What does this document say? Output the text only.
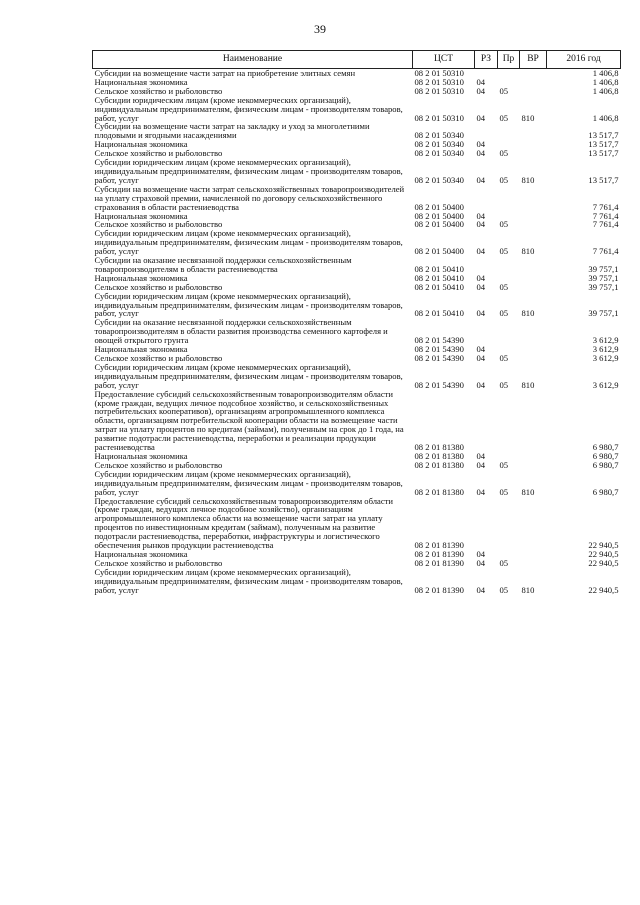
39
Наименование	ЦСТ	РЗ	Пр	ВР	2016 год
Субсидии на возмещение части затрат на приобретение элитных семян	08 2 01 50310				1 406,8
Национальная экономика	08 2 01 50310	04			1 406,8
Сельское хозяйство и рыболовство	08 2 01 50310	04	05		1 406,8
Субсидии юридическим лицам (кроме некоммерческих организаций), индивидуальным предпринимателям, физическим лицам - производителям товаров, работ, услуг	08 2 01 50310	04	05	810	1 406,8
Субсидии на возмещение части затрат на закладку и уход за многолетними плодовыми и ягодными насаждениями	08 2 01 50340				13 517,7
Национальная экономика	08 2 01 50340	04			13 517,7
Сельское хозяйство и рыболовство	08 2 01 50340	04	05		13 517,7
Субсидии юридическим лицам (кроме некоммерческих организаций), индивидуальным предпринимателям, физическим лицам - производителям товаров, работ, услуг	08 2 01 50340	04	05	810	13 517,7
Субсидии на возмещение части затрат сельскохозяйственных товаропроизводителей на уплату страховой премии, начисленной по договору сельскохозяйственного страхования в области растениеводства	08 2 01 50400				7 761,4
Национальная экономика	08 2 01 50400	04			7 761,4
Сельское хозяйство и рыболовство	08 2 01 50400	04	05		7 761,4
Субсидии юридическим лицам (кроме некоммерческих организаций), индивидуальным предпринимателям, физическим лицам - производителям товаров, работ, услуг	08 2 01 50400	04	05	810	7 761,4
Субсидии на оказание несвязанной поддержки сельскохозяйственным товаропроизводителям в области растениеводства	08 2 01 50410				39 757,1
Национальная экономика	08 2 01 50410	04			39 757,1
Сельское хозяйство и рыболовство	08 2 01 50410	04	05		39 757,1
Субсидии юридическим лицам (кроме некоммерческих организаций), индивидуальным предпринимателям, физическим лицам - производителям товаров, работ, услуг	08 2 01 50410	04	05	810	39 757,1
Субсидии на оказание несвязанной поддержки сельскохозяйственным товаропроизводителям в области развития производства семенного картофеля и овощей открытого грунта	08 2 01 54390				3 612,9
Национальная экономика	08 2 01 54390	04			3 612,9
Сельское хозяйство и рыболовство	08 2 01 54390	04	05		3 612,9
Субсидии юридическим лицам (кроме некоммерческих организаций), индивидуальным предпринимателям, физическим лицам - производителям товаров, работ, услуг	08 2 01 54390	04	05	810	3 612,9
Предоставление субсидий сельскохозяйственным товаропроизводителям области (кроме граждан, ведущих личное подсобное хозяйство, и сельскохозяйственных потребительских кооперативов), организациям агропромышленного комплекса области, организациям потребительской кооперации области на возмещение части затрат на уплату процентов по кредитам (займам), полученным на срок до 1 года, на развитие подотрасли растениеводства, переработки и реализации продукции растениеводства	08 2 01 81380				6 980,7
Национальная экономика	08 2 01 81380	04			6 980,7
Сельское хозяйство и рыболовство	08 2 01 81380	04	05		6 980,7
Субсидии юридическим лицам (кроме некоммерческих организаций), индивидуальным предпринимателям, физическим лицам - производителям товаров, работ, услуг	08 2 01 81380	04	05	810	6 980,7
Предоставление субсидий сельскохозяйственным товаропроизводителям области (кроме граждан, ведущих личное подсобное хозяйство), организациям агропромышленного комплекса области на возмещение части затрат на уплату процентов по инвестиционным кредитам (займам), полученным на развитие подотрасли растениеводства, переработки, инфраструктуры и логистического обеспечения рынков продукции растениеводства	08 2 01 81390				22 940,5
Национальная экономика	08 2 01 81390	04			22 940,5
Сельское хозяйство и рыболовство	08 2 01 81390	04	05		22 940,5
Субсидии юридическим лицам (кроме некоммерческих организаций), индивидуальным предпринимателям, физическим лицам - производителям товаров, работ, услуг	08 2 01 81390	04	05	810	22 940,5
